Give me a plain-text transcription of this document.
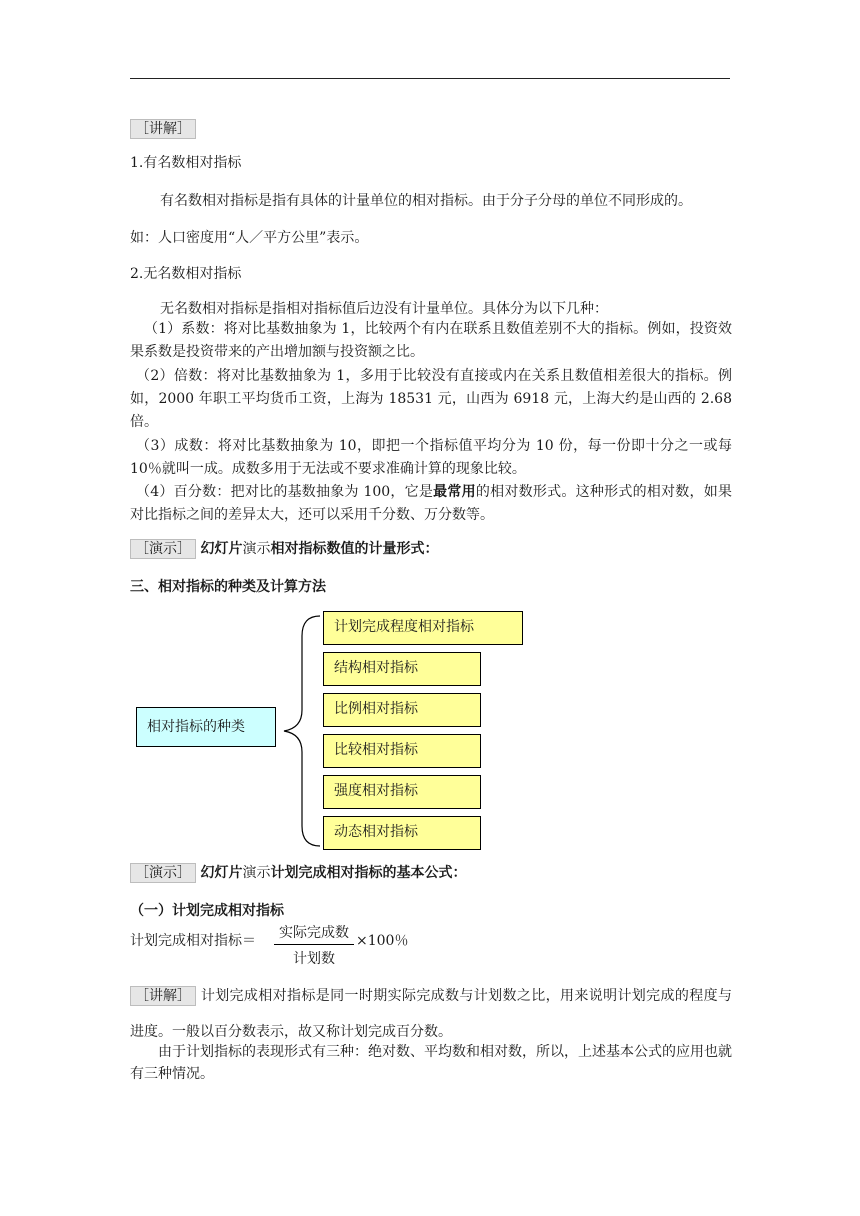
［讲解］
1.有名数相对指标
有名数相对指标是指有具体的计量单位的相对指标。由于分子分母的单位不同形成的。
如：人口密度用“人／平方公里”表示。
2.无名数相对指标
无名数相对指标是指相对指标值后边没有计量单位。具体分为以下几种：
（1）系数：将对比基数抽象为 1，比较两个有内在联系且数值差别不大的指标。例如，投资效果系数是投资带来的产出增加额与投资额之比。
（2）倍数：将对比基数抽象为 1，多用于比较没有直接或内在关系且数值相差很大的指标。例如，2000 年职工平均货币工资，上海为 18531 元，山西为 6918 元，上海大约是山西的 2.68 倍。
（3）成数：将对比基数抽象为 10，即把一个指标值平均分为 10 份，每一份即十分之一或每 10％就叫一成。成数多用于无法或不要求准确计算的现象比较。
（4）百分数：把对比的基数抽象为 100，它是最常用的相对数形式。这种形式的相对数，如果对比指标之间的差异太大，还可以采用千分数、万分数等。
［演示］ 幻灯片演示相对指标数值的计量形式：
三、相对指标的种类及计算方法
相对指标的种类
计划完成程度相对指标
结构相对指标
比例相对指标
比较相对指标
强度相对指标
动态相对指标
［演示］ 幻灯片演示计划完成相对指标的基本公式：
（一）计划完成相对指标
计划完成相对指标＝	实际完成数
计划数
×100％
［讲解］ 计划完成相对指标是同一时期实际完成数与计划数之比，用来说明计划完成的程度与进度。一般以百分数表示，故又称计划完成百分数。
由于计划指标的表现形式有三种：绝对数、平均数和相对数，所以，上述基本公式的应用也就有三种情况。
